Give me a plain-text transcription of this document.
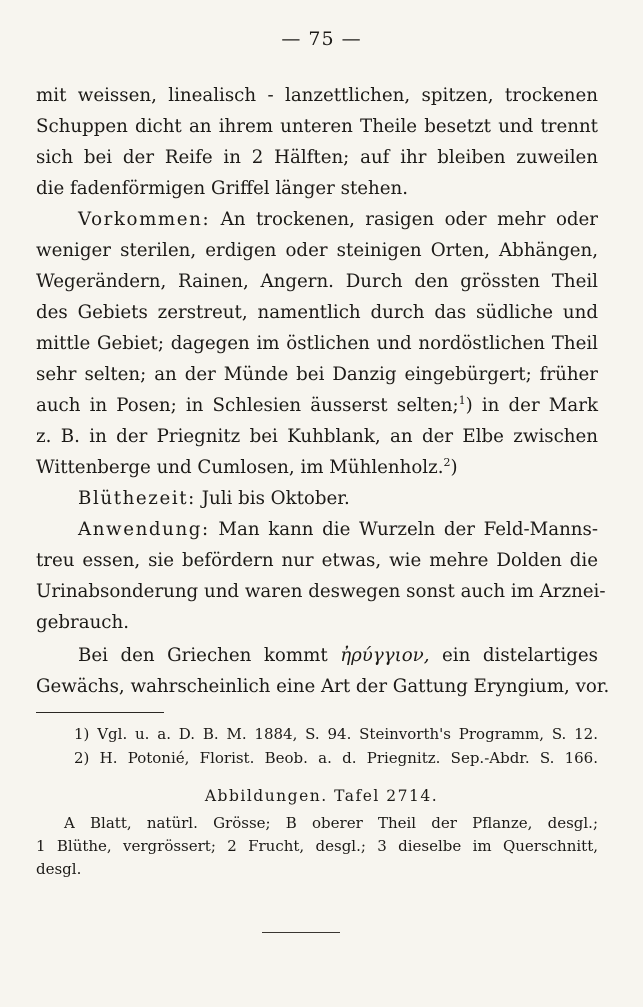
— 75 —
mit weissen, linealisch - lanzettlichen, spitzen, trockenen
Schuppen dicht an ihrem unteren Theile besetzt und trennt
sich bei der Reife in 2 Hälften; auf ihr bleiben zuweilen
die fadenförmigen Griffel länger stehen.
Vorkommen: An trockenen, rasigen oder mehr oder
weniger sterilen, erdigen oder steinigen Orten, Abhängen,
Wegerändern, Rainen, Angern. Durch den grössten Theil
des Gebiets zerstreut, namentlich durch das südliche und
mittle Gebiet; dagegen im östlichen und nordöstlichen Theil
sehr selten; an der Münde bei Danzig eingebürgert; früher
auch in Posen; in Schlesien äusserst selten;$^1$) in der Mark
z. B. in der Priegnitz bei Kuhblank, an der Elbe zwischen
Wittenberge und Cumlosen, im Mühlenholz.$^2$)
Blüthezeit: Juli bis Oktober.
Anwendung: Man kann die Wurzeln der Feld-Manns-
treu essen, sie befördern nur etwas, wie mehre Dolden die
Urinabsonderung und waren deswegen sonst auch im Arznei-
gebrauch.
Bei den Griechen kommt ἠρύγγιον, ein distelartiges
Gewächs, wahrscheinlich eine Art der Gattung Eryngium, vor.
1) Vgl. u. a. D. B. M. 1884, S. 94. Steinvorth's Programm, S. 12.
2) H. Potonié, Florist. Beob. a. d. Priegnitz. Sep.-Abdr. S. 166.
Abbildungen. Tafel 2714.
A Blatt, natürl. Grösse; B oberer Theil der Pflanze, desgl.;
1 Blüthe, vergrössert; 2 Frucht, desgl.; 3 dieselbe im Querschnitt,
desgl.
